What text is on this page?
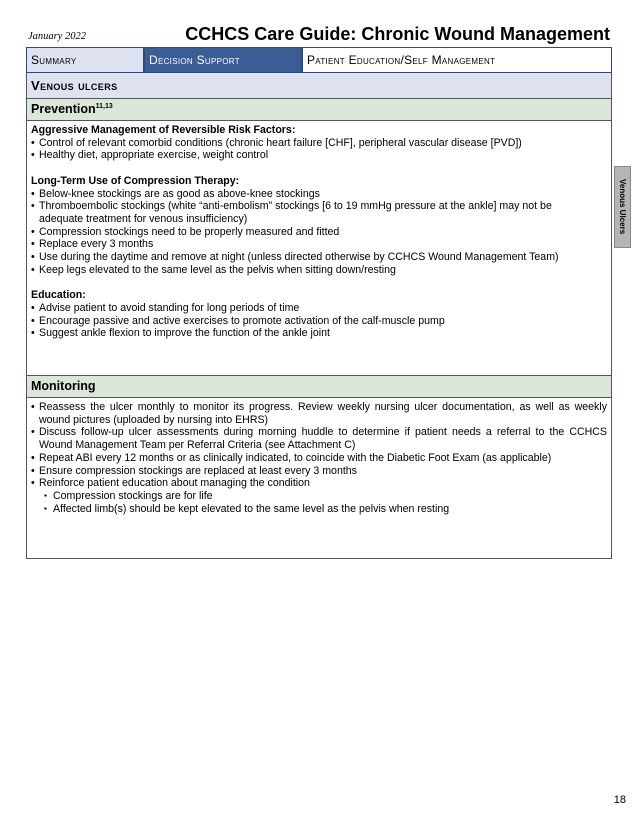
January 2022	CCHCS Care Guide: Chronic Wound Management
Summary	Decision Support	Patient Education/Self Management
Venous ulcers
Prevention$^{11,13}$

Aggressive Management of Reversible Risk Factors:

• Control of relevant comorbid conditions (chronic heart failure [CHF], peripheral vascular disease [PVD])
• Healthy diet, appropriate exercise, weight control

Long-Term Use of Compression Therapy:

• Below-knee stockings are as good as above-knee stockings
• Thromboembolic stockings (white “anti-embolism” stockings [6 to 19 mmHg pressure at the ankle] may not be adequate treatment for venous insufficiency)
• Compression stockings need to be properly measured and fitted
• Replace every 3 months
• Use during the daytime and remove at night (unless directed otherwise by CCHCS Wound Management Team)
• Keep legs elevated to the same level as the pelvis when sitting down/resting

Education:

• Advise patient to avoid standing for long periods of time
• Encourage passive and active exercises to promote activation of the calf-muscle pump
• Suggest ankle flexion to improve the function of the ankle joint
Monitoring
• Reassess the ulcer monthly to monitor its progress. Review weekly nursing ulcer documentation, as well as weekly wound pictures (uploaded by nursing into EHRS)
• Discuss follow-up ulcer assessments during morning huddle to determine if patient needs a referral to the CCHCS Wound Management Team per Referral Criteria (see Attachment C)
• Repeat ABI every 12 months or as clinically indicated, to coincide with the Diabetic Foot Exam (as applicable)
• Ensure compression stockings are replaced at least every 3 months
• Reinforce patient education about managing the condition
▪ Compression stockings are for life
▪ Affected limb(s) should be kept elevated to the same level as the pelvis when resting
Venous Ulcers
18
